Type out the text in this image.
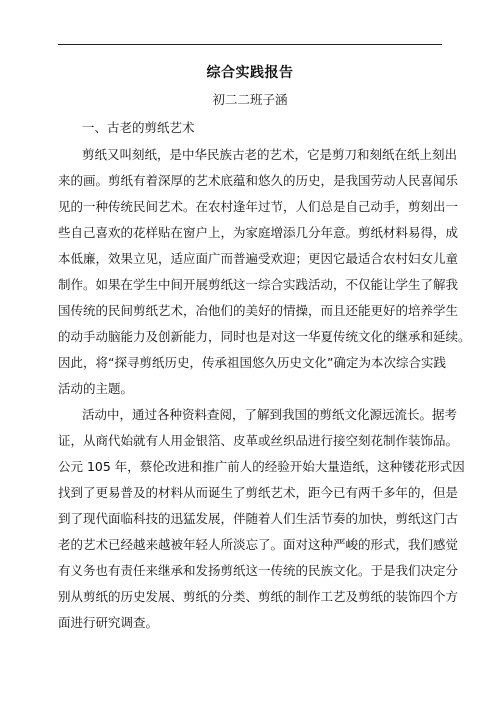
综合实践报告
初二二班子涵
一、古老的剪纸艺术
剪纸又叫刻纸，是中华民族古老的艺术，它是剪刀和刻纸在纸上刻出
来的画。剪纸有着深厚的艺术底蕴和悠久的历史，是我国劳动人民喜闻乐
见的一种传统民间艺术。在农村逢年过节，人们总是自己动手，剪刻出一
些自己喜欢的花样贴在窗户上，为家庭增添几分年意。剪纸材料易得，成
本低廉，效果立见，适应面广而普遍受欢迎；更因它最适合农村妇女儿童
制作。如果在学生中间开展剪纸这一综合实践活动，不仅能让学生了解我
国传统的民间剪纸艺术，冶他们的美好的情操，而且还能更好的培养学生
的动手动脑能力及创新能力，同时也是对这一华夏传统文化的继承和延续。
因此，将“探寻剪纸历史，传承祖国悠久历史文化”确定为本次综合实践
活动的主题。
活动中，通过各种资料查阅，了解到我国的剪纸文化源远流长。据考
证，从商代始就有人用金银箔、皮革或丝织品进行接空刻花制作装饰品。
公元 105 年，蔡伦改进和推广前人的经验开始大量造纸，这种镂花形式因
找到了更易普及的材料从而诞生了剪纸艺术，距今已有两千多年的，但是
到了现代面临科技的迅猛发展，伴随着人们生活节奏的加快，剪纸这门古
老的艺术已经越来越被年轻人所淡忘了。面对这种严峻的形式，我们感觉
有义务也有责任来继承和发扬剪纸这一传统的民族文化。于是我们决定分
别从剪纸的历史发展、剪纸的分类、剪纸的制作工艺及剪纸的装饰四个方
面进行研究调查。
